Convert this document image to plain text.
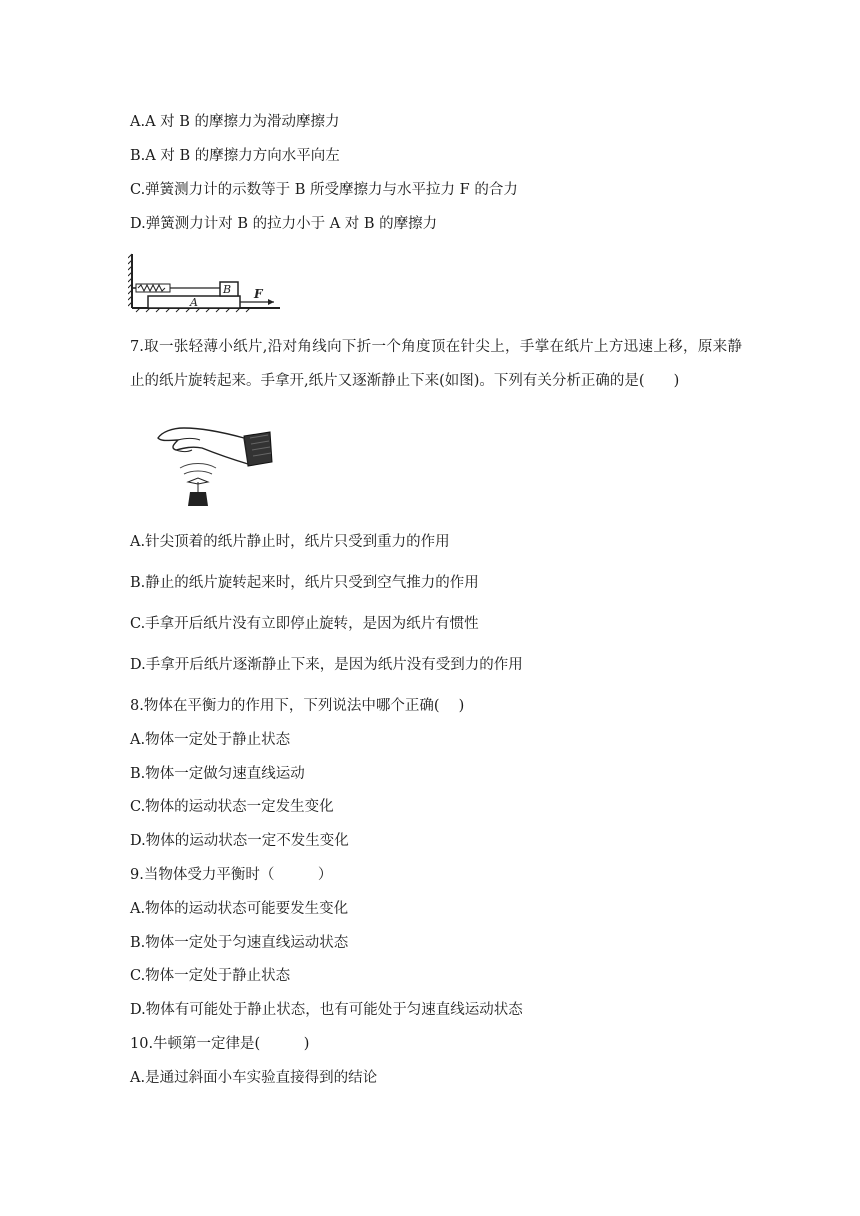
A.A 对 B 的摩擦力为滑动摩擦力
B.A 对 B 的摩擦力方向水平向左
C.弹簧测力计的示数等于 B 所受摩擦力与水平拉力 F 的合力
D.弹簧测力计对 B 的拉力小于 A 对 B 的摩擦力
A
B F
7.取一张轻薄小纸片,沿对角线向下折一个角度顶在针尖上，手掌在纸片上方迅速上移，原来静止的纸片旋转起来。手拿开,纸片又逐渐静止下来(如图)。下列有关分析正确的是(　　)
A.针尖顶着的纸片静止时，纸片只受到重力的作用
B.静止的纸片旋转起来时，纸片只受到空气推力的作用
C.手拿开后纸片没有立即停止旋转，是因为纸片有惯性
D.手拿开后纸片逐渐静止下来，是因为纸片没有受到力的作用
8.物体在平衡力的作用下，下列说法中哪个正确(　 )
A.物体一定处于静止状态
B.物体一定做匀速直线运动
C.物体的运动状态一定发生变化
D.物体的运动状态一定不发生变化
9.当物体受力平衡时（　　　）
A.物体的运动状态可能要发生变化
B.物体一定处于匀速直线运动状态
C.物体一定处于静止状态
D.物体有可能处于静止状态，也有可能处于匀速直线运动状态
10.牛顿第一定律是(　　　)
A.是通过斜面小车实验直接得到的结论
